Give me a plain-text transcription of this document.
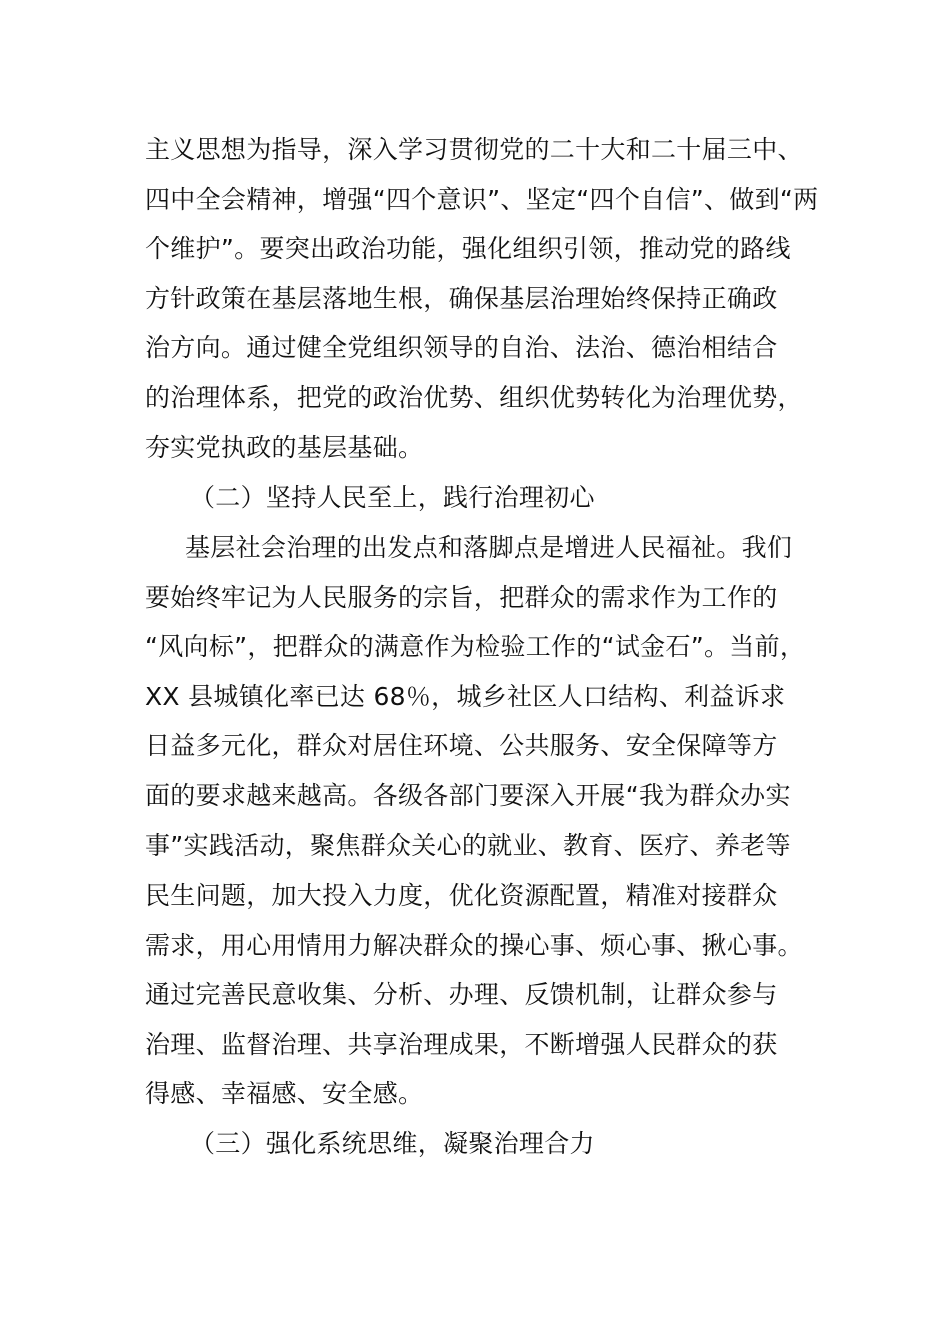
主义思想为指导，深入学习贯彻党的二十大和二十届三中、
四中全会精神，增强“四个意识”、坚定“四个自信”、做到“两
个维护”。要突出政治功能，强化组织引领，推动党的路线
方针政策在基层落地生根，确保基层治理始终保持正确政
治方向。通过健全党组织领导的自治、法治、德治相结合
的治理体系，把党的政治优势、组织优势转化为治理优势，
夯实党执政的基层基础。
（二）坚持人民至上，践行治理初心
基层社会治理的出发点和落脚点是增进人民福祉。我们
要始终牢记为人民服务的宗旨，把群众的需求作为工作的
“风向标”，把群众的满意作为检验工作的“试金石”。当前，
XX 县城镇化率已达 68％，城乡社区人口结构、利益诉求
日益多元化，群众对居住环境、公共服务、安全保障等方
面的要求越来越高。各级各部门要深入开展“我为群众办实
事”实践活动，聚焦群众关心的就业、教育、医疗、养老等
民生问题，加大投入力度，优化资源配置，精准对接群众
需求，用心用情用力解决群众的操心事、烦心事、揪心事。
通过完善民意收集、分析、办理、反馈机制，让群众参与
治理、监督治理、共享治理成果，不断增强人民群众的获
得感、幸福感、安全感。
（三）强化系统思维，凝聚治理合力
